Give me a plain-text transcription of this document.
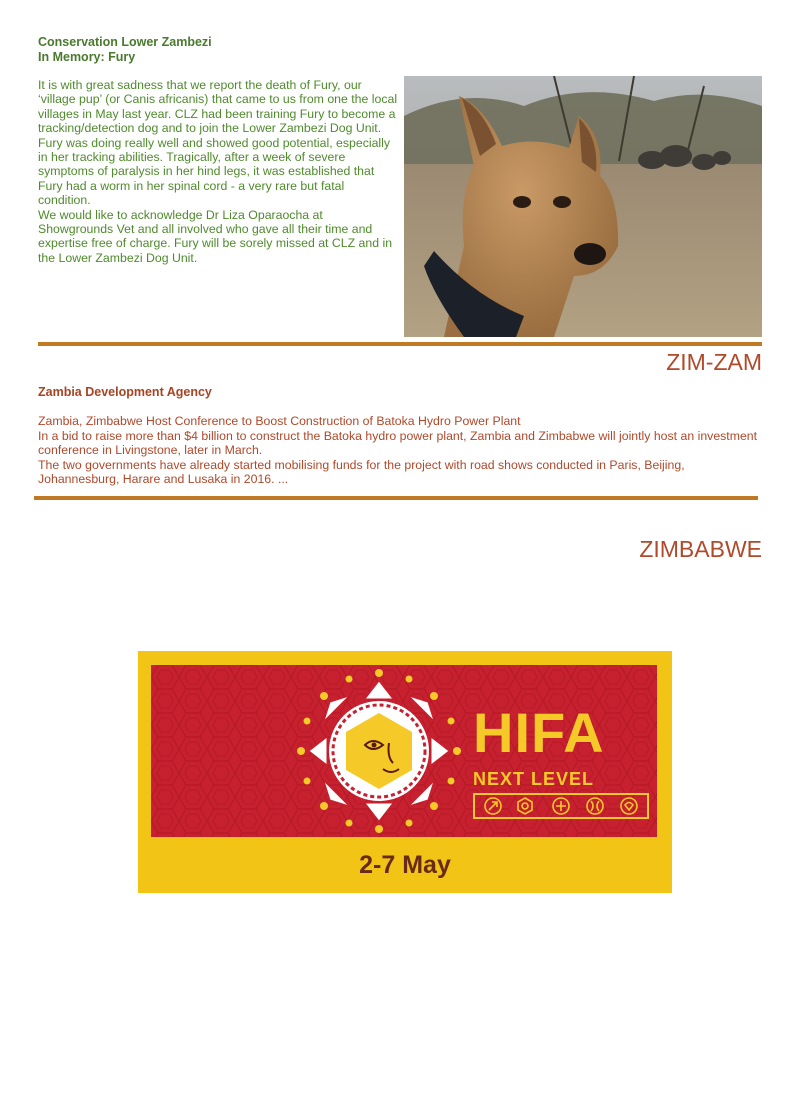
Conservation Lower Zambezi
In Memory: Fury

It is with great sadness that we report the death of Fury, our ‘village pup’ (or Canis africanis) that came to us from one the local villages in May last year. CLZ had been training Fury to become a tracking/detection dog and to join the Lower Zambezi Dog Unit. Fury was doing really well and showed good potential, especially in her tracking abilities. Tragically, after a week of severe symptoms of paralysis in her hind legs, it was established that Fury had a worm in her spinal cord - a very rare but fatal condition.

We would like to acknowledge Dr Liza Oparaocha at Showgrounds Vet and all involved who gave all their time and expertise free of charge. Fury will be sorely missed at CLZ and in the Lower Zambezi Dog Unit.

ZIM-ZAM
Zambia Development Agency

Zambia, Zimbabwe Host Conference to Boost Construction of Batoka Hydro Power Plant

In a bid to raise more than $4 billion to construct the Batoka hydro power plant, Zambia and Zimbabwe will jointly host an investment conference in Livingstone, later in March.

The two governments have already started mobilising funds for the project with road shows conducted in Paris, Beijing, Johannesburg, Harare and Lusaka in 2016. ...

ZIMBABWE
HIFA
NEXT LEVEL
2-7 May
